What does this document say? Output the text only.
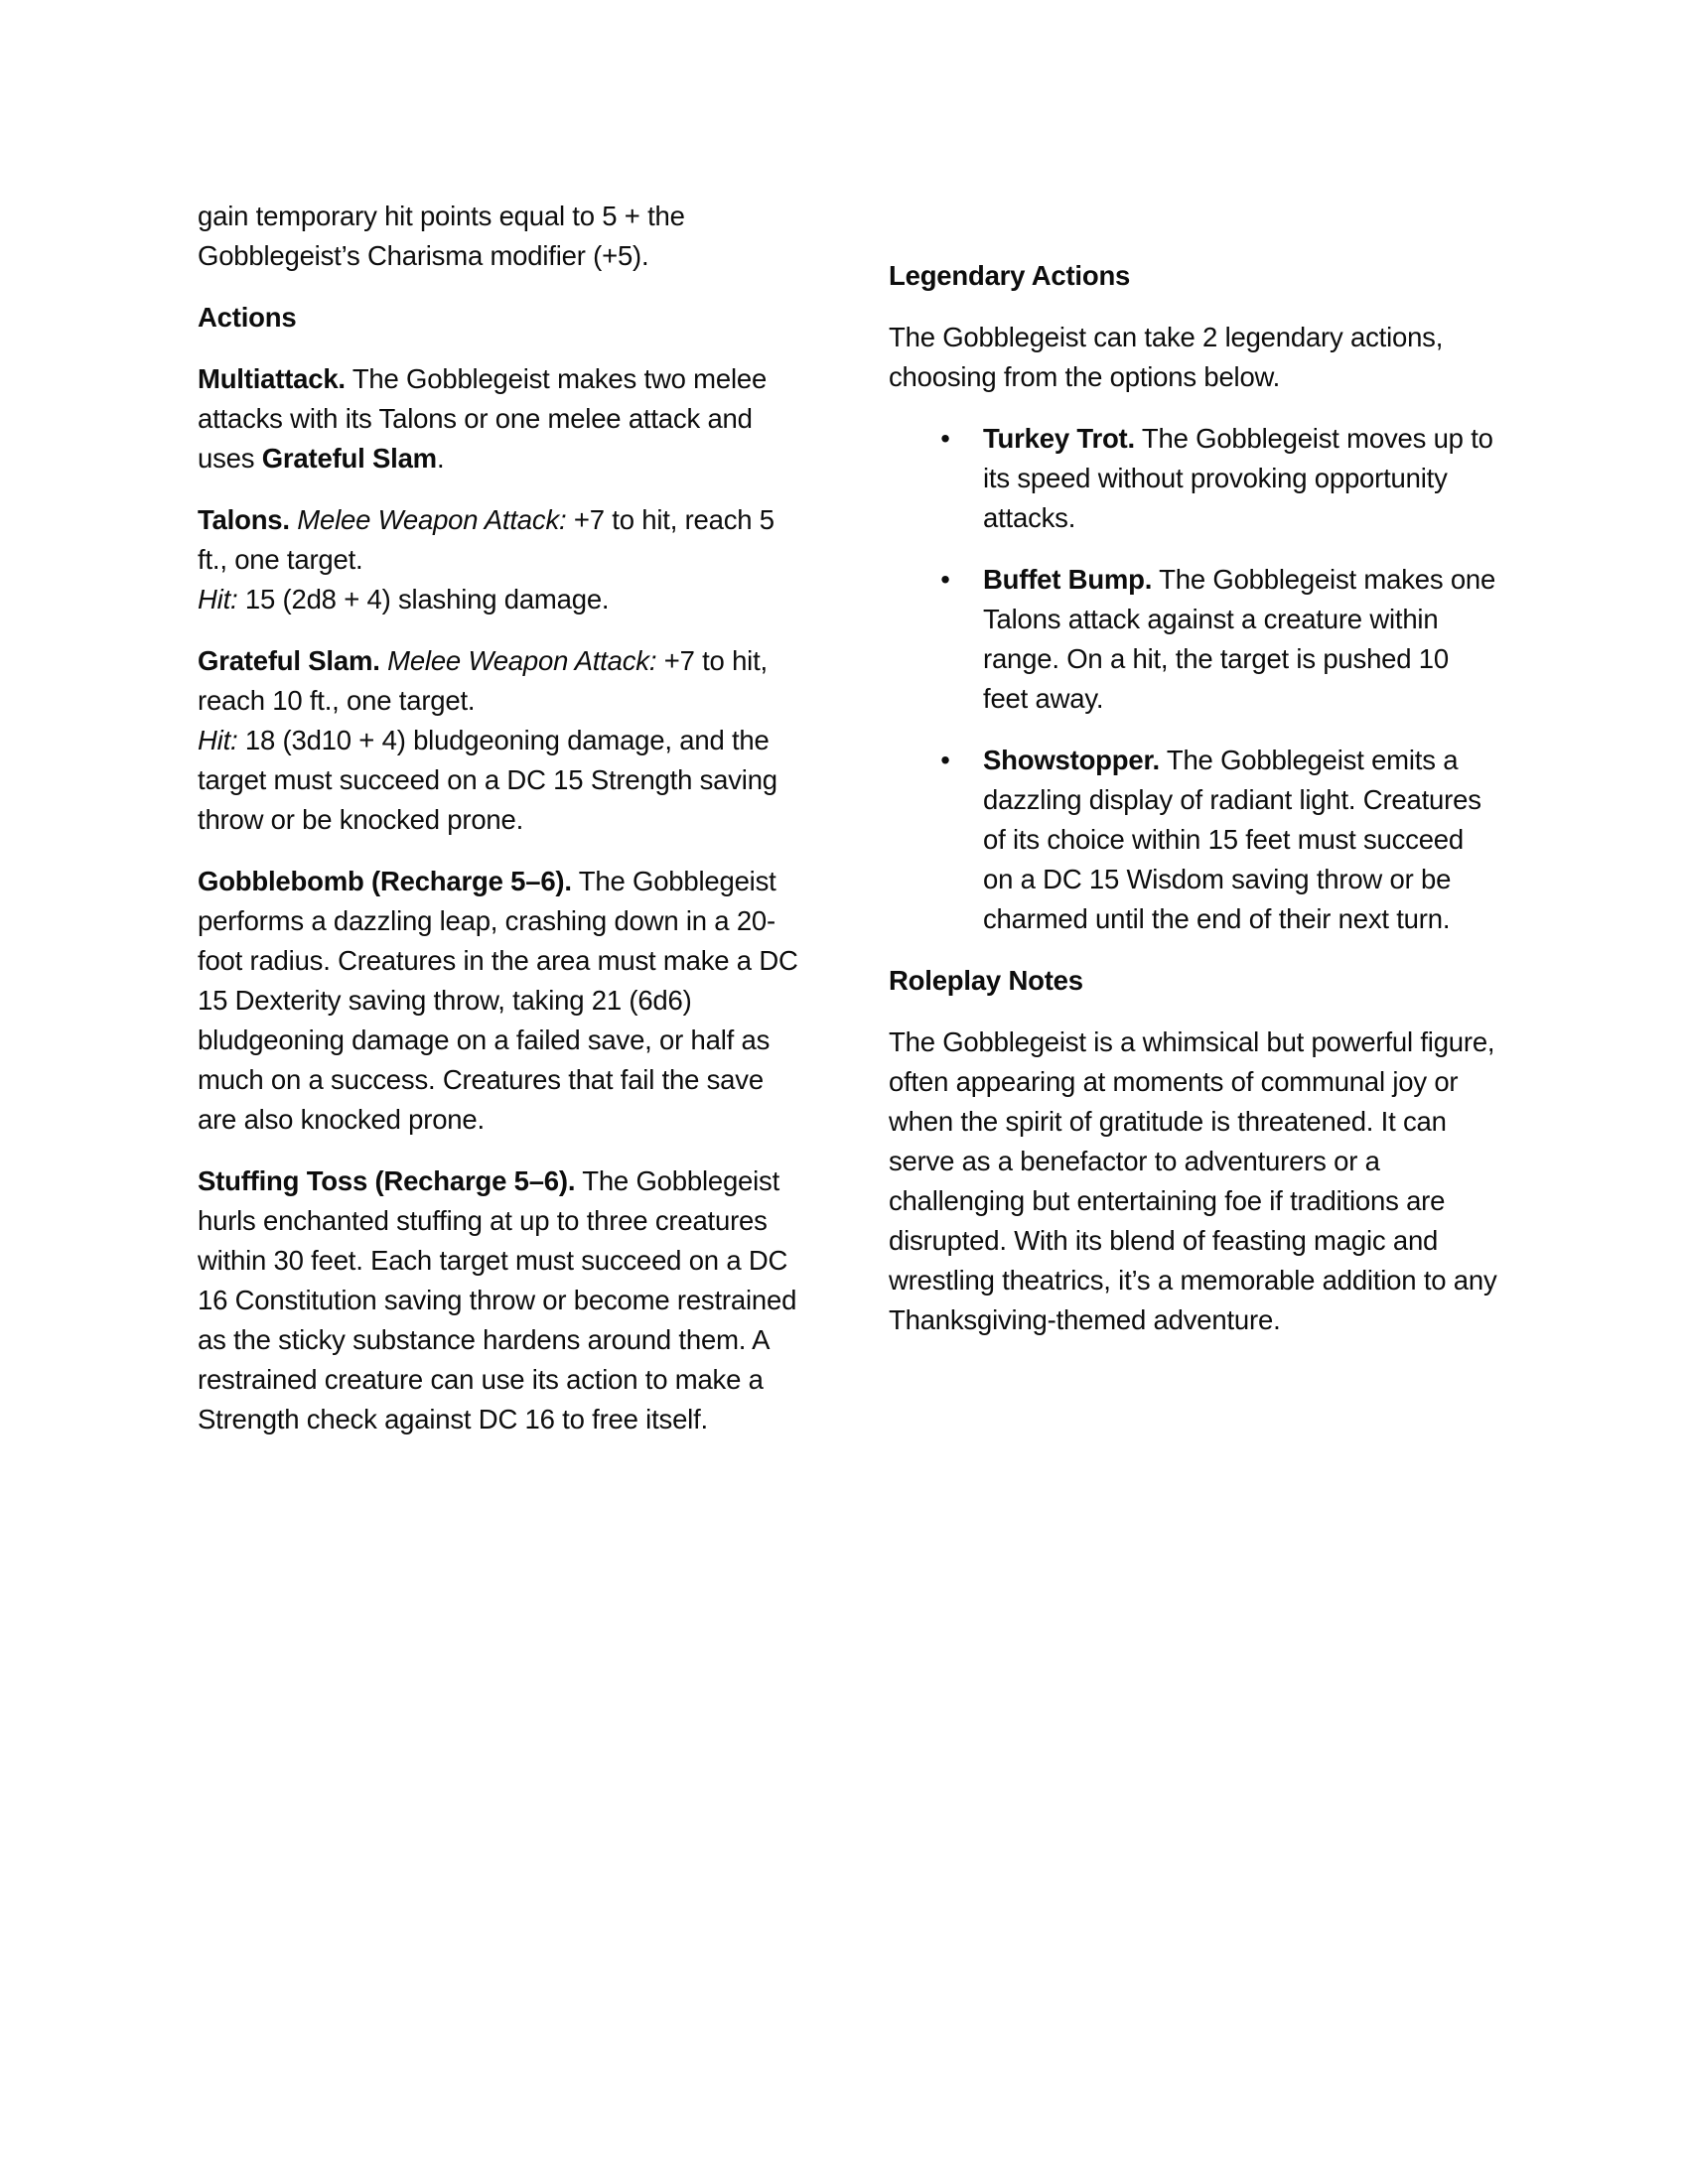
gain temporary hit points equal to 5 + the Gobblegeist’s Charisma modifier (+5).

Actions

Multiattack. The Gobblegeist makes two melee attacks with its Talons or one melee attack and uses Grateful Slam.

Talons. Melee Weapon Attack: +7 to hit, reach 5 ft., one target.
Hit: 15 (2d8 + 4) slashing damage.

Grateful Slam. Melee Weapon Attack: +7 to hit, reach 10 ft., one target.
Hit: 18 (3d10 + 4) bludgeoning damage, and the target must succeed on a DC 15 Strength saving throw or be knocked prone.

Gobblebomb (Recharge 5–6). The Gobblegeist performs a dazzling leap, crashing down in a 20-foot radius. Creatures in the area must make a DC 15 Dexterity saving throw, taking 21 (6d6) bludgeoning damage on a failed save, or half as much on a success. Creatures that fail the save are also knocked prone.

Stuffing Toss (Recharge 5–6). The Gobblegeist hurls enchanted stuffing at up to three creatures within 30 feet. Each target must succeed on a DC 16 Constitution saving throw or become restrained as the sticky substance hardens around them. A restrained creature can use its action to make a Strength check against DC 16 to free itself.

Legendary Actions

The Gobblegeist can take 2 legendary actions, choosing from the options below.

• Turkey Trot. The Gobblegeist moves up to its speed without provoking opportunity attacks.
• Buffet Bump. The Gobblegeist makes one Talons attack against a creature within range. On a hit, the target is pushed 10 feet away.
• Showstopper. The Gobblegeist emits a dazzling display of radiant light. Creatures of its choice within 15 feet must succeed on a DC 15 Wisdom saving throw or be charmed until the end of their next turn.
Roleplay Notes

The Gobblegeist is a whimsical but powerful figure, often appearing at moments of communal joy or when the spirit of gratitude is threatened. It can serve as a benefactor to adventurers or a challenging but entertaining foe if traditions are disrupted. With its blend of feasting magic and wrestling theatrics, it’s a memorable addition to any Thanksgiving-themed adventure.
